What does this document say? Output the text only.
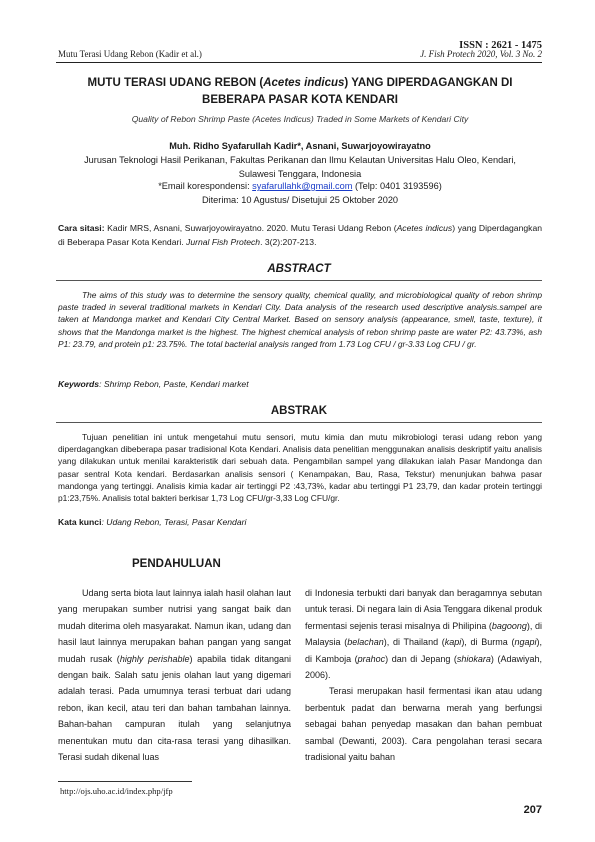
ISSN : 2621 - 1475
Mutu Terasi Udang Rebon (Kadir et al.)	J. Fish Protech 2020, Vol. 3 No. 2
MUTU TERASI UDANG REBON (Acetes indicus) YANG DIPERDAGANGKAN DI BEBERAPA PASAR KOTA KENDARI
Quality of Rebon Shrimp Paste (Acetes Indicus) Traded in Some Markets of Kendari City
Muh. Ridho Syafarullah Kadir*, Asnani, Suwarjoyowirayatno
Jurusan Teknologi Hasil Perikanan, Fakultas Perikanan dan Ilmu Kelautan Universitas Halu Oleo, Kendari,
Sulawesi Tenggara, Indonesia
*Email korespondensi: syafarullahk@gmail.com (Telp: 0401 3193596)
Diterima: 10 Agustus/ Disetujui 25 Oktober 2020
Cara sitasi: Kadir MRS, Asnani, Suwarjoyowirayatno. 2020. Mutu Terasi Udang Rebon (Acetes indicus) yang Diperdagangkan di Beberapa Pasar Kota Kendari. Jurnal Fish Protech. 3(2):207-213.
ABSTRACT
The aims of this study was to determine the sensory quality, chemical quality, and microbiological quality of rebon shrimp paste traded in several traditional markets in Kendari City. Data analysis of the research used descriptive analysis.sampel are taken at Mandonga market and Kendari City Central Market. Based on sensory analysis (appearance, smell, taste, texture), it shows that the Mandonga market is the highest. The highest chemical analysis of rebon shrimp paste are water P2: 43.73%, ash P1: 23.79, and protein p1: 23.75%. The total bacterial analysis ranged from 1.73 Log CFU / gr-3.33 Log CFU / gr.
Keywords: Shrimp Rebon, Paste, Kendari market
ABSTRAK
Tujuan penelitian ini untuk mengetahui mutu sensori, mutu kimia dan mutu mikrobiologi terasi udang rebon yang diperdagangkan dibeberapa pasar tradisional Kota Kendari. Analisis data penelitian menggunakan analisis deskriptif yaitu analisis yang dilakukan untuk menilai karakteristik dari sebuah data. Pengambilan sampel yang dilakukan ialah Pasar Mandonga dan pasar sentral Kota kendari. Berdasarkan analisis sensori ( Kenampakan, Bau, Rasa, Tekstur) menunjukan bahwa pasar mandonga yang tertinggi. Analisis kimia kadar air tertinggi P2 :43,73%, kadar abu tertinggi P1 23,79, dan kadar protein tertinggi p1:23,75%. Analisis total bakteri berkisar 1,73 Log CFU/gr-3,33 Log CFU/gr.
Kata kunci: Udang Rebon, Terasi, Pasar Kendari
PENDAHULUAN

Udang serta biota laut lainnya ialah hasil olahan laut yang merupakan sumber nutrisi yang sangat baik dan mudah diterima oleh masyarakat. Namun ikan, udang dan hasil laut lainnya merupakan bahan pangan yang sangat mudah rusak (highly perishable) apabila tidak ditangani dengan baik. Salah satu jenis olahan laut yang digemari adalah terasi. Pada umumnya terasi terbuat dari udang rebon, ikan kecil, atau teri dan bahan tambahan lainnya. Bahan-bahan campuran itulah yang selanjutnya menentukan mutu dan cita-rasa terasi yang dihasilkan. Terasi sudah dikenal luas

di Indonesia terbukti dari banyak dan beragamnya sebutan untuk terasi. Di negara lain di Asia Tenggara dikenal produk fermentasi sejenis terasi misalnya di Philipina (bagoong), di Malaysia (belachan), di Thailand (kapi), di Burma (ngapi), di Kamboja (prahoc) dan di Jepang (shiokara) (Adawiyah, 2006).

Terasi merupakan hasil fermentasi ikan atau udang berbentuk padat dan berwarna merah yang berfungsi sebagai bahan penyedap masakan dan bahan pembuat sambal (Dewanti, 2003). Cara pengolahan terasi secara tradisional yaitu bahan

http://ojs.uho.ac.id/index.php/jfp
207
